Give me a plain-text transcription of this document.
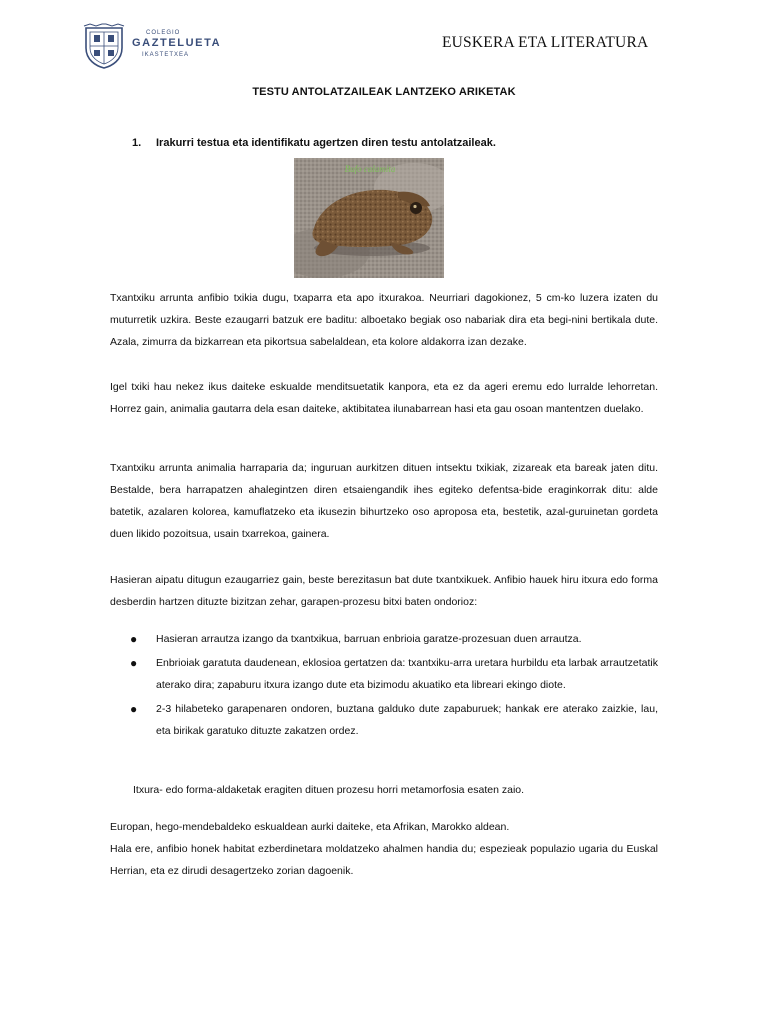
COLEGIO
GAZTELUETA
IKASTETXEA
EUSKERA ETA LITERATURA
TESTU ANTOLATZAILEAK LANTZEKO ARIKETAK
1. Irakurri testua eta identifikatu agertzen diren testu antolatzaileak.
Bufo calamita

Txantxiku arrunta anfibio txikia dugu, txaparra eta apo itxurakoa. Neurriari dagokionez, 5 cm-ko luzera izaten du muturretik uzkira. Beste ezaugarri batzuk ere baditu: alboetako begiak oso nabariak dira eta begi-nini bertikala dute. Azala, zimurra da bizkarrean eta pikortsua sabelaldean, eta kolore aldakorra izan dezake.

Igel txiki hau nekez ikus daiteke eskualde menditsuetatik kanpora, eta ez da ageri eremu edo lurralde lehorretan. Horrez gain, animalia gautarra dela esan daiteke, aktibitatea ilunabarrean hasi eta gau osoan mantentzen duelako.

Txantxiku arrunta animalia harraparia da; inguruan aurkitzen dituen intsektu txikiak, zizareak eta bareak jaten ditu. Bestalde, bera harrapatzen ahalegintzen diren etsaiengandik ihes egiteko defentsa-bide eraginkorrak ditu: alde batetik, azalaren kolorea, kamuflatzeko eta ikusezin bihurtzeko oso aproposa eta, bestetik, azal-guruinetan gordeta duen likido pozoitsua, usain txarrekoa, gainera.

Hasieran aipatu ditugun ezaugarriez gain, beste berezitasun bat dute txantxikuek. Anfibio hauek hiru itxura edo forma desberdin hartzen dituzte bizitzan zehar, garapen-prozesu bitxi baten ondorioz:

● Hasieran arrautza izango da txantxikua, barruan enbrioia garatze-prozesuan duen arrautza.
● Enbrioiak garatuta daudenean, eklosioa gertatzen da: txantxiku-arra uretara hurbildu eta larbak arrautzetatik aterako dira; zapaburu itxura izango dute eta bizimodu akuatiko eta libreari ekingo diote.
● 2-3 hilabeteko garapenaren ondoren, buztana galduko dute zapaburuek; hankak ere aterako zaizkie, lau, eta birikak garatuko dituzte zakatzen ordez.

Itxura- edo forma-aldaketak eragiten dituen prozesu horri metamorfosia esaten zaio.

Europan, hego-mendebaldeko eskualdean aurki daiteke, eta Afrikan, Marokko aldean.
Hala ere, anfibio honek habitat ezberdinetara moldatzeko ahalmen handia du; espezieak populazio ugaria du Euskal Herrian, eta ez dirudi desagertzeko zorian dagoenik.
